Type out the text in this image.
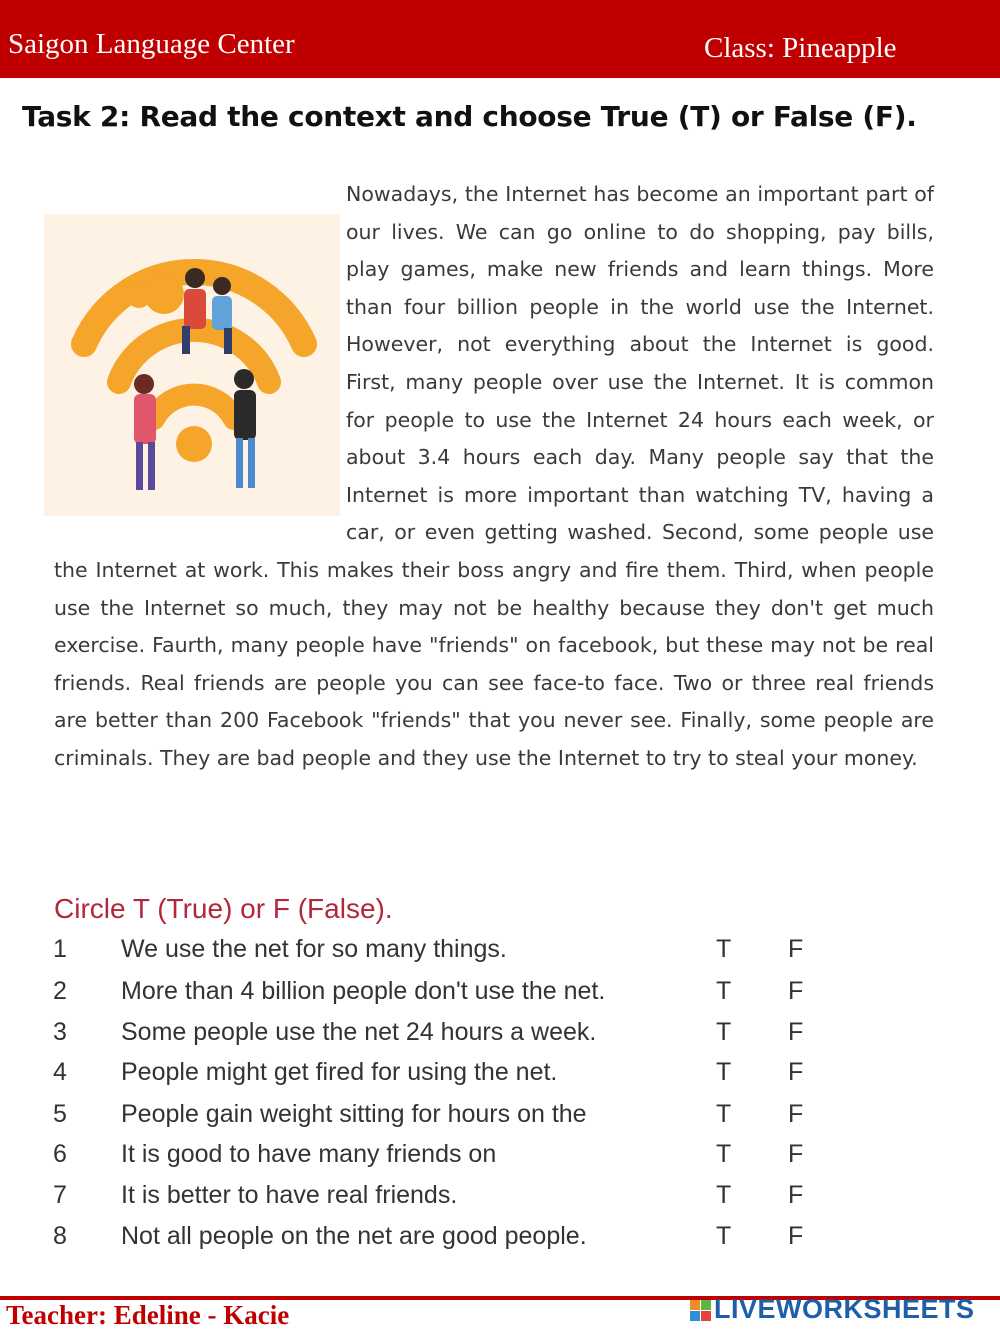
Saigon Language Center	Class: Pineapple
Task 2: Read the context and choose True (T) or False (F).

Nowadays, the Internet has become an important part of our lives. We can go online to do shopping, pay bills, play games, make new friends and learn things. More than four billion people in the world use the Internet. However, not everything about the Internet is good. First, many people over use the Internet. It is common for people to use the Internet 24 hours each week, or about 3.4 hours each day. Many people say that the Internet is more important than watching TV, having a car, or even getting washed. Second, some people use the Internet at work. This makes their boss angry and fire them. Third, when people use the Internet so much, they may not be healthy because they don't get much exercise. Faurth, many people have "friends" on facebook, but these may not be real friends. Real friends are people you can see face-to face. Two or three real friends are better than 200 Facebook "friends" that you never see. Finally, some people are criminals. They are bad people and they use the Internet to try to steal your money.

Circle T (True) or F (False).
1 We use the net for so many things.	T F
2 More than 4 billion people don't use the net.	T F
3 Some people use the net 24 hours a week.	T F
4 People might get fired for using the net.	T F
5 People gain weight sitting for hours on the	T F
6 It is good to have many friends on	T F
7 It is better to have real friends.	T F
8 Not all people on the net are good people.	T F
Teacher: Edeline - Kacie	LIVEWORKSHEETS
